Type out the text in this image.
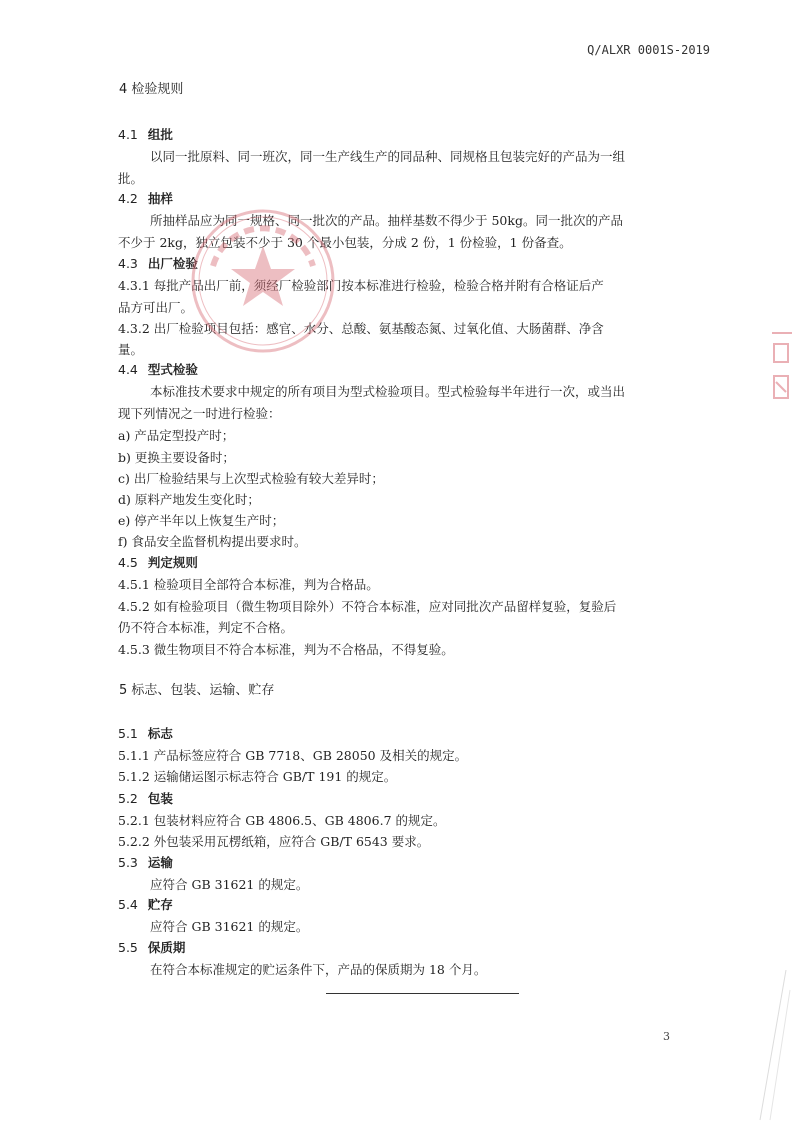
Q/ALXR 0001S-2019
4 检验规则
4.1 组批
以同一批原料、同一班次，同一生产线生产的同品种、同规格且包装完好的产品为一组
批。
4.2 抽样
所抽样品应为同一规格、同一批次的产品。抽样基数不得少于 50kg。同一批次的产品
不少于 2kg，独立包装不少于 30 个最小包装，分成 2 份，1 份检验，1 份备查。
4.3 出厂检验
4.3.1 每批产品出厂前，须经厂检验部门按本标准进行检验，检验合格并附有合格证后产
品方可出厂。
4.3.2 出厂检验项目包括：感官、水分、总酸、氨基酸态氮、过氧化值、大肠菌群、净含
量。
4.4 型式检验
本标准技术要求中规定的所有项目为型式检验项目。型式检验每半年进行一次，或当出
现下列情况之一时进行检验：
a) 产品定型投产时；
b) 更换主要设备时；
c) 出厂检验结果与上次型式检验有较大差异时；
d) 原料产地发生变化时；
e) 停产半年以上恢复生产时；
f) 食品安全监督机构提出要求时。
4.5 判定规则
4.5.1 检验项目全部符合本标准，判为合格品。
4.5.2 如有检验项目（微生物项目除外）不符合本标准，应对同批次产品留样复验，复验后
仍不符合本标准，判定不合格。
4.5.3 微生物项目不符合本标准，判为不合格品，不得复验。
5 标志、包装、运输、贮存
5.1 标志
5.1.1 产品标签应符合 GB 7718、GB 28050 及相关的规定。
5.1.2 运输储运图示标志符合 GB/T 191 的规定。
5.2 包装
5.2.1 包装材料应符合 GB 4806.5、GB 4806.7 的规定。
5.2.2 外包装采用瓦楞纸箱，应符合 GB/T 6543 要求。
5.3 运输
应符合 GB 31621 的规定。
5.4 贮存
应符合 GB 31621 的规定。
5.5 保质期
在符合本标准规定的贮运条件下，产品的保质期为 18 个月。
3
